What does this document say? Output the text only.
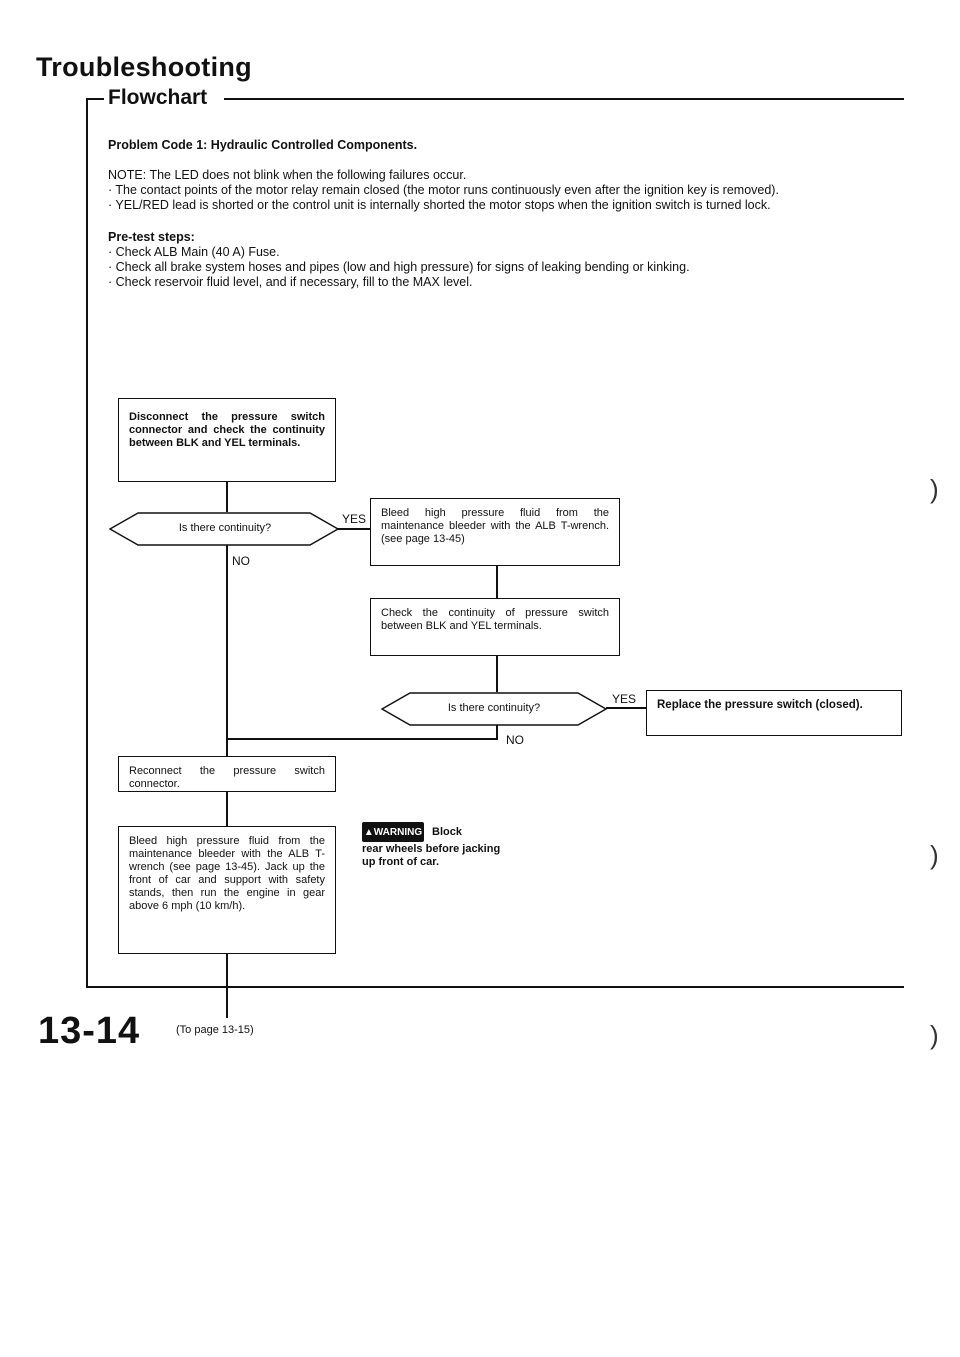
Troubleshooting
Flowchart
Problem Code 1: Hydraulic Controlled Components.
NOTE: The LED does not blink when the following failures occur.
· The contact points of the motor relay remain closed (the motor runs continuously even after the ignition key is removed).
· YEL/RED lead is shorted or the control unit is internally shorted the motor stops when the ignition switch is turned lock.
Pre-test steps:
· Check ALB Main (40 A) Fuse.
· Check all brake system hoses and pipes (low and high pressure) for signs of leaking bending or kinking.
· Check reservoir fluid level, and if necessary, fill to the MAX level.
Disconnect the pressure switch connector and check the continuity between BLK and YEL terminals.
Bleed high pressure fluid from the maintenance bleeder with the ALB T-wrench. (see page 13-45)
Check the continuity of pressure switch between BLK and YEL terminals.
Replace the pressure switch (closed).
Reconnect the pressure switch connector.
Bleed high pressure fluid from the maintenance bleeder with the ALB T-wrench (see page 13-45). Jack up the front of car and support with safety stands, then run the engine in gear above 6 mph (10 km/h).
Is there continuity?
YES
NO
Is there continuity?
YES
NO
▲WARNING Block
rear wheels before jacking up front of car.
(To page 13-15)
13-14
)
)
)
